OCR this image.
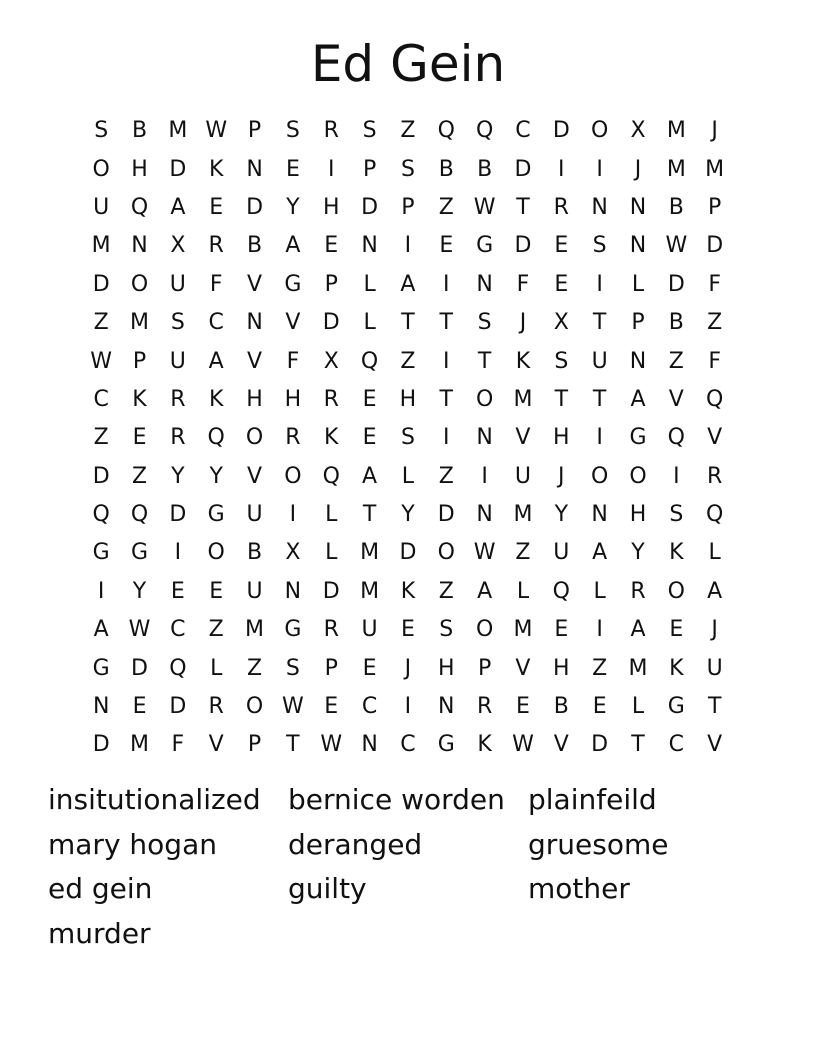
Ed Gein
S	B M W P	S	R	S	Z	Q Q	C	D O	X M	J
O H D	K	N	E	I	P	S	B	B	D	I	I	J	M M
U Q	A	E	D	Y	H D	P	Z W T	R	N N	B	P
M N	X	R	B	A	E	N	I	E	G D	E	S	N W D
D O U	F	V	G	P	L	A	I	N	F	E	I	L	D	F
Z M S	C	N	V	D	L	T	T	S	J	X	T	P	B	Z
W P	U	A	V	F	X	Q	Z	I	T	K	S	U	N	Z	F
C	K	R	K	H H	R	E	H	T	O M	T	T	A	V	Q
Z	E	R	Q O	R	K	E	S	I	N	V	H	I	G Q	V
D	Z	Y	Y	V	O Q	A	L	Z	I	U	J	O O	I	R
Q Q D G U	I	L	T	Y	D N M	Y	N H	S	Q
G G	I	O	B	X	L	M D O W Z	U	A	Y	K	L
I	Y	E	E	U	N D M K	Z	A	L	Q	L	R	O	A
A W C	Z M G	R	U	E	S	O M E	I	A	E	J
G D Q	L	Z	S	P	E	J	H	P	V	H	Z M K	U
N	E	D	R	O W E	C	I	N	R	E	B	E	L	G	T
D M	F	V	P	T W N	C	G	K W V	D	T	C	V
insitutionalized bernice worden plainfeild
mary hogan	deranged	gruesome
ed gein	guilty	mother
murder
